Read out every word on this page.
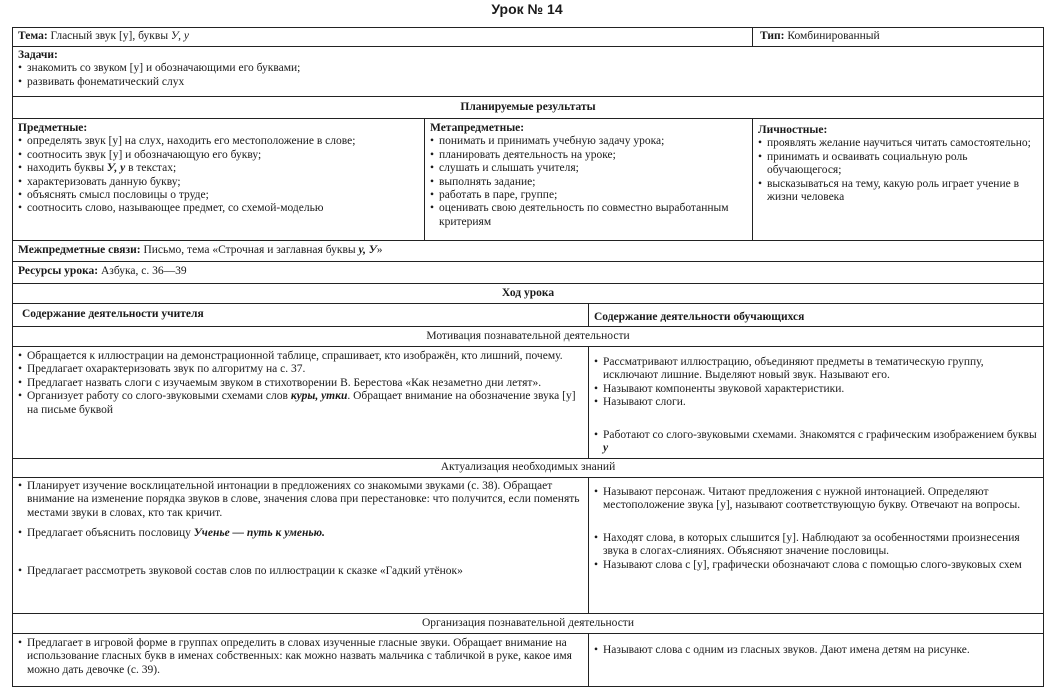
Урок № 14
Тема: Гласный звук [у], буквы У, у	Тип: Комбинированный
Задачи:
• знакомить со звуком [у] и обозначающими его буквами;
• развивать фонематический слух
Планируемые результаты
Предметные:
• определять звук [у] на слух, находить его местоположение в слове;
• соотносить звук [у] и обозначающую его букву;
• находить буквы У, у в текстах;
• характеризовать данную букву;
• объяснять смысл пословицы о труде;
• соотносить слово, называющее предмет, со схемой-моделью
Метапредметные:
• понимать и принимать учебную задачу урока;
• планировать деятельность на уроке;
• слушать и слышать учителя;
• выполнять задание;
• работать в паре, группе;
• оценивать свою деятельность по совместно выработанным критериям
Личностные:
• проявлять желание научиться читать самостоятельно;
• принимать и осваивать социальную роль обучающегося;
• высказываться на тему, какую роль играет учение в жизни человека
Межпредметные связи: Письмо, тема «Строчная и заглавная буквы у, У»
Ресурсы урока: Азбука, с. 36—39
Ход урока
Содержание деятельности учителя	Содержание деятельности обучающихся
Мотивация познавательной деятельности
• Обращается к иллюстрации на демонстрационной таблице, спрашивает, кто изображён, кто лишний, почему.
• Предлагает охарактеризовать звук по алгоритму на с. 37.
• Предлагает назвать слоги с изучаемым звуком в стихотворении В. Берестова «Как незаметно дни летят».
• Организует работу со слого-звуковыми схемами слов куры, утки. Обращает внимание на обозначение звука [у] на письме буквой
• Рассматривают иллюстрацию, объединяют предметы в тематическую группу, исключают лишние. Выделяют новый звук. Называют его.
• Называют компоненты звуковой характеристики.
• Называют слоги.
• Работают со слого-звуковыми схемами. Знакомятся с графическим изображением буквы у
Актуализация необходимых знаний
• Планирует изучение восклицательной интонации в предложениях со знакомыми звуками (с. 38). Обращает внимание на изменение порядка звуков в слове, значения слова при перестановке: что получится, если поменять местами звуки в словах, кто так кричит.
• Предлагает объяснить пословицу Ученье — путь к уменью.
• Предлагает рассмотреть звуковой состав слов по иллюстрации к сказке «Гадкий утёнок»
• Называют персонаж. Читают предложения с нужной интонацией. Определяют местоположение звука [у], называют соответствующую букву. Отвечают на вопросы.
• Находят слова, в которых слышится [у]. Наблюдают за особенностями произнесения звука в слогах-слияниях. Объясняют значение пословицы.
• Называют слова с [у], графически обозначают слова с помощью слого-звуковых схем
Организация познавательной деятельности
• Предлагает в игровой форме в группах определить в словах изученные гласные звуки. Обращает внимание на использование гласных букв в именах собственных: как можно назвать мальчика с табличкой в руке, какое имя можно дать девочке (с. 39).
• Называют слова с одним из гласных звуков. Дают имена детям на рисунке.
